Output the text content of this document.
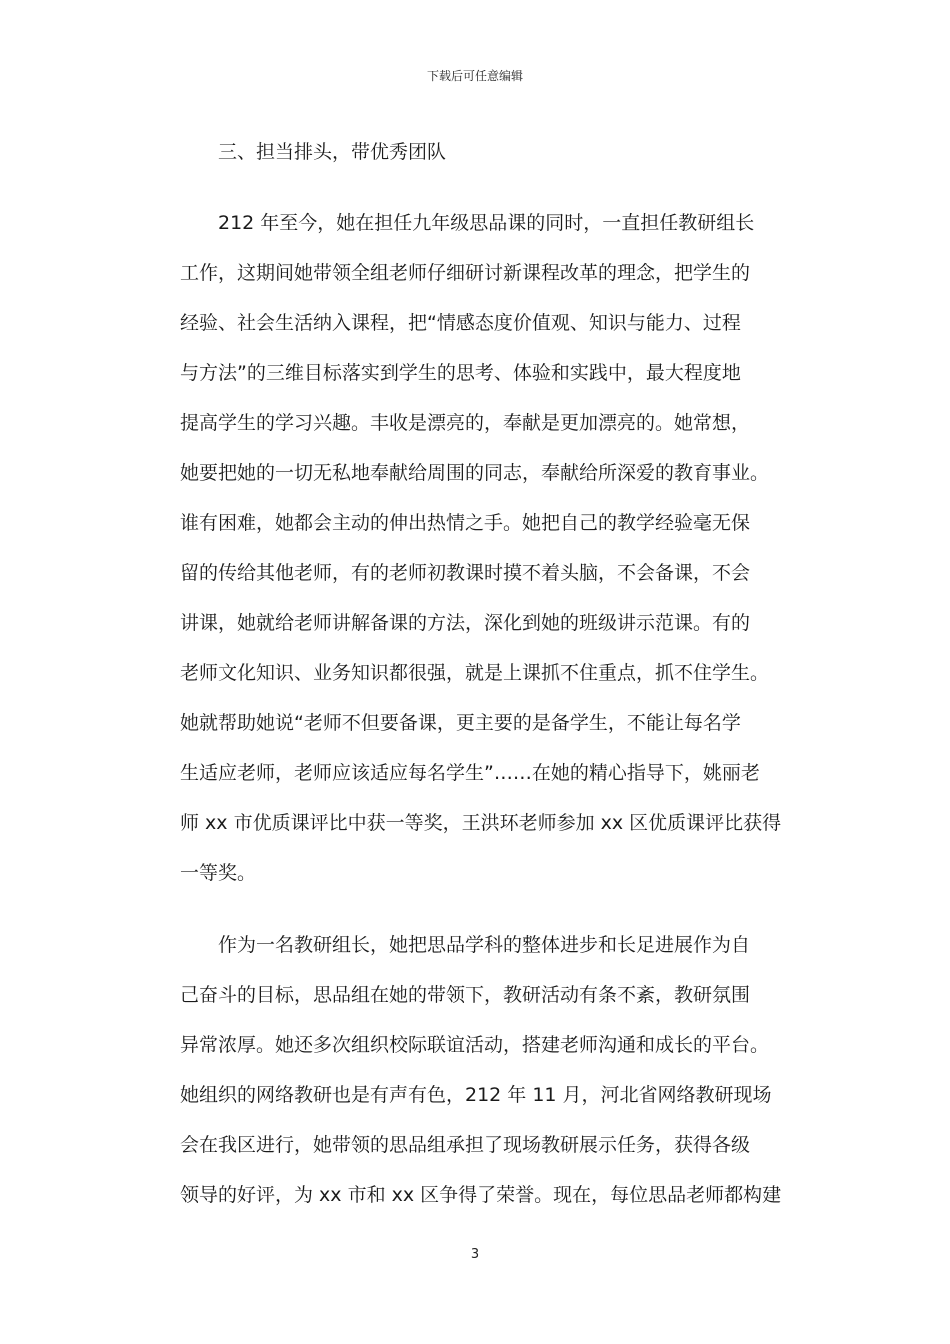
下载后可任意编辑
三、担当排头，带优秀团队
212 年至今，她在担任九年级思品课的同时，一直担任教研组长
工作，这期间她带领全组老师仔细研讨新课程改革的理念，把学生的
经验、社会生活纳入课程，把“情感态度价值观、知识与能力、过程
与方法”的三维目标落实到学生的思考、体验和实践中，最大程度地
提高学生的学习兴趣。丰收是漂亮的，奉献是更加漂亮的。她常想，
她要把她的一切无私地奉献给周围的同志，奉献给所深爱的教育事业。
谁有困难，她都会主动的伸出热情之手。她把自己的教学经验毫无保
留的传给其他老师，有的老师初教课时摸不着头脑，不会备课，不会
讲课，她就给老师讲解备课的方法，深化到她的班级讲示范课。有的
老师文化知识、业务知识都很强，就是上课抓不住重点，抓不住学生。
她就帮助她说“老师不但要备课，更主要的是备学生，不能让每名学
生适应老师，老师应该适应每名学生”……在她的精心指导下，姚丽老
师 xx 市优质课评比中获一等奖，王洪环老师参加 xx 区优质课评比获得
一等奖。
作为一名教研组长，她把思品学科的整体进步和长足进展作为自
己奋斗的目标，思品组在她的带领下，教研活动有条不紊，教研氛围
异常浓厚。她还多次组织校际联谊活动，搭建老师沟通和成长的平台。
她组织的网络教研也是有声有色，212 年 11 月，河北省网络教研现场
会在我区进行，她带领的思品组承担了现场教研展示任务，获得各级
领导的好评，为 xx 市和 xx 区争得了荣誉。现在，每位思品老师都构建
3
